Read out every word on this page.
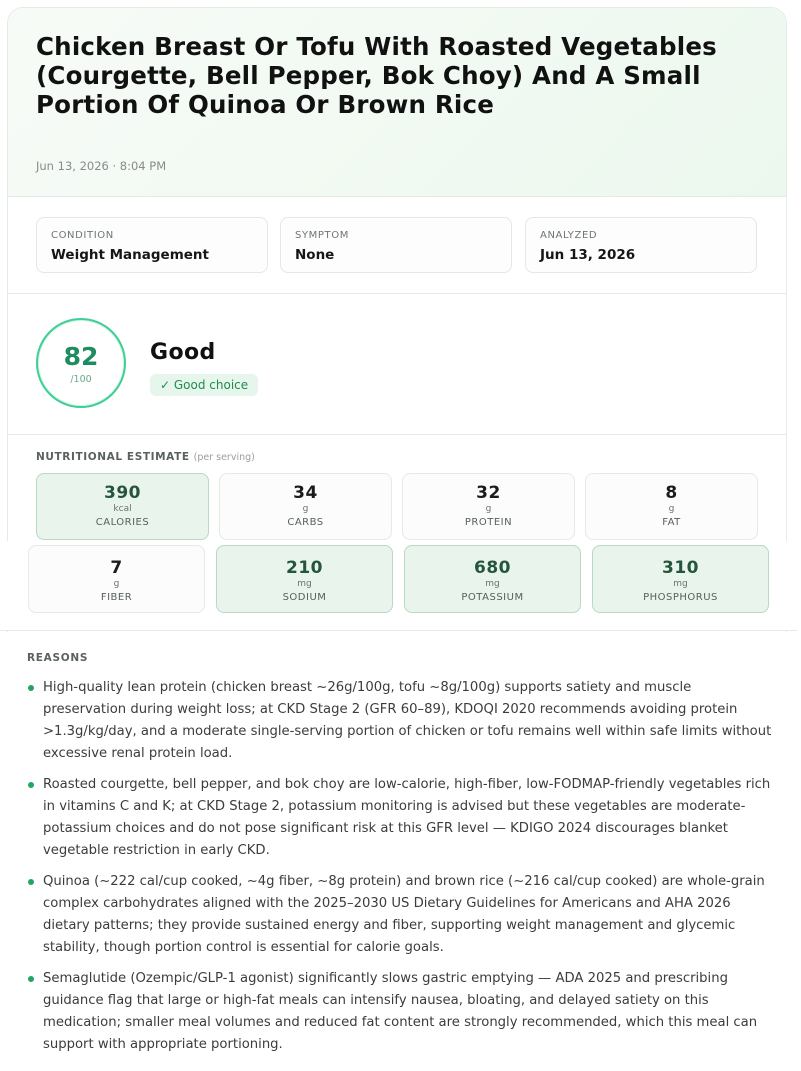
Chicken Breast Or Tofu With Roasted Vegetables (Courgette, Bell Pepper, Bok Choy) And A Small Portion Of Quinoa Or Brown Rice
Jun 13, 2026 · 8:04 PM
CONDITION
Weight Management
SYMPTOM
None
ANALYZED
Jun 13, 2026
82
/100
Good
✓ Good choice
NUTRITIONAL ESTIMATE (per serving)
390
kcal
CALORIES
34
g
CARBS
32
g
PROTEIN
8
g
FAT
7
g
FIBER
210
mg
SODIUM
680
mg
POTASSIUM
310
mg
PHOSPHORUS
REASONS
High-quality lean protein (chicken breast ~26g/100g, tofu ~8g/100g) supports satiety and muscle preservation during weight loss; at CKD Stage 2 (GFR 60–89), KDOQI 2020 recommends avoiding protein >1.3g/kg/day, and a moderate single-serving portion of chicken or tofu remains well within safe limits without excessive renal protein load.
Roasted courgette, bell pepper, and bok choy are low-calorie, high-fiber, low-FODMAP-friendly vegetables rich in vitamins C and K; at CKD Stage 2, potassium monitoring is advised but these vegetables are moderate-potassium choices and do not pose significant risk at this GFR level — KDIGO 2024 discourages blanket vegetable restriction in early CKD.
Quinoa (~222 cal/cup cooked, ~4g fiber, ~8g protein) and brown rice (~216 cal/cup cooked) are whole-grain complex carbohydrates aligned with the 2025–2030 US Dietary Guidelines for Americans and AHA 2026 dietary patterns; they provide sustained energy and fiber, supporting weight management and glycemic stability, though portion control is essential for calorie goals.
Semaglutide (Ozempic/GLP-1 agonist) significantly slows gastric emptying — ADA 2025 and prescribing guidance flag that large or high-fat meals can intensify nausea, bloating, and delayed satiety on this medication; smaller meal volumes and reduced fat content are strongly recommended, which this meal can support with appropriate portioning.
